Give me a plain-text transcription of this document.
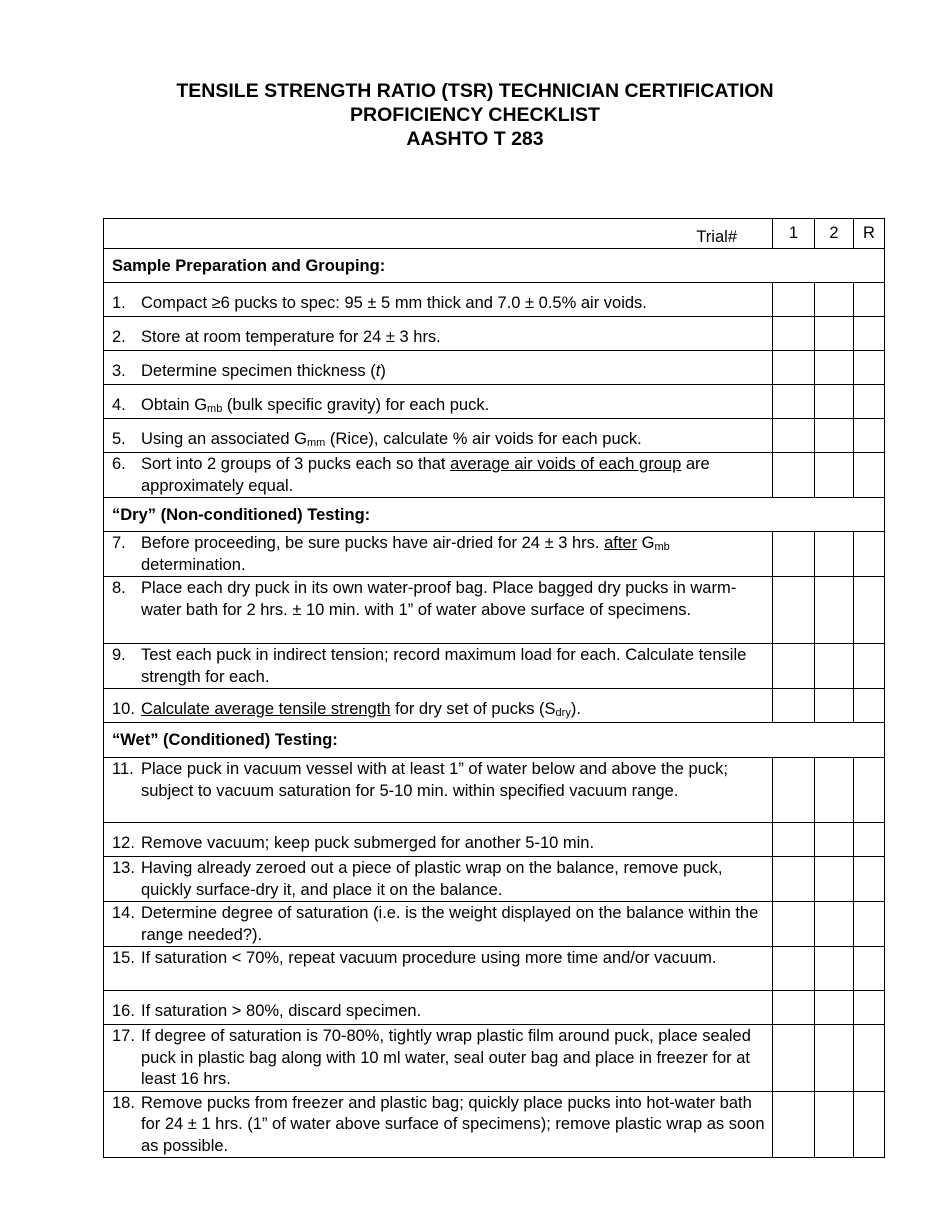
TENSILE STRENGTH RATIO (TSR) TECHNICIAN CERTIFICATION
PROFICIENCY CHECKLIST
AASHTO T 283
Trial#	1	2	R
Sample Preparation and Grouping:			

1. Compact ≥6 pucks to spec: 95 ± 5 mm thick and 7.0 ± 0.5% air voids.			

2. Store at room temperature for 24 ± 3 hrs.			

3. Determine specimen thickness (t)			

4. Obtain $G_{mb}$ (bulk specific gravity) for each puck.			

5. Using an associated $G_{mm}$ (Rice), calculate % air voids for each puck.			

6. Sort into 2 groups of 3 pucks each so that average air voids of each group are approximately equal.			

“Dry” (Non-conditioned) Testing:			

7. Before proceeding, be sure pucks have air-dried for 24 ± 3 hrs. after $G_{mb}$ determination.			

8. Place each dry puck in its own water-proof bag. Place bagged dry pucks in warm-water bath for 2 hrs. ± 10 min. with 1” of water above surface of specimens.			

9. Test each puck in indirect tension; record maximum load for each. Calculate tensile strength for each.			

10. Calculate average tensile strength for dry set of pucks $(S_{dry})$.			

“Wet” (Conditioned) Testing:			

11. Place puck in vacuum vessel with at least 1” of water below and above the puck; subject to vacuum saturation for 5-10 min. within specified vacuum range.			

12. Remove vacuum; keep puck submerged for another 5-10 min.			

13. Having already zeroed out a piece of plastic wrap on the balance, remove puck, quickly surface-dry it, and place it on the balance.			

14. Determine degree of saturation (i.e. is the weight displayed on the balance within the range needed?).			

15. If saturation < 70%, repeat vacuum procedure using more time and/or vacuum.			

16. If saturation > 80%, discard specimen.			

17. If degree of saturation is 70-80%, tightly wrap plastic film around puck, place sealed puck in plastic bag along with 10 ml water, seal outer bag and place in freezer for at least 16 hrs.			

18. Remove pucks from freezer and plastic bag; quickly place pucks into hot-water bath for 24 ± 1 hrs. (1” of water above surface of specimens); remove plastic wrap as soon as possible.			
